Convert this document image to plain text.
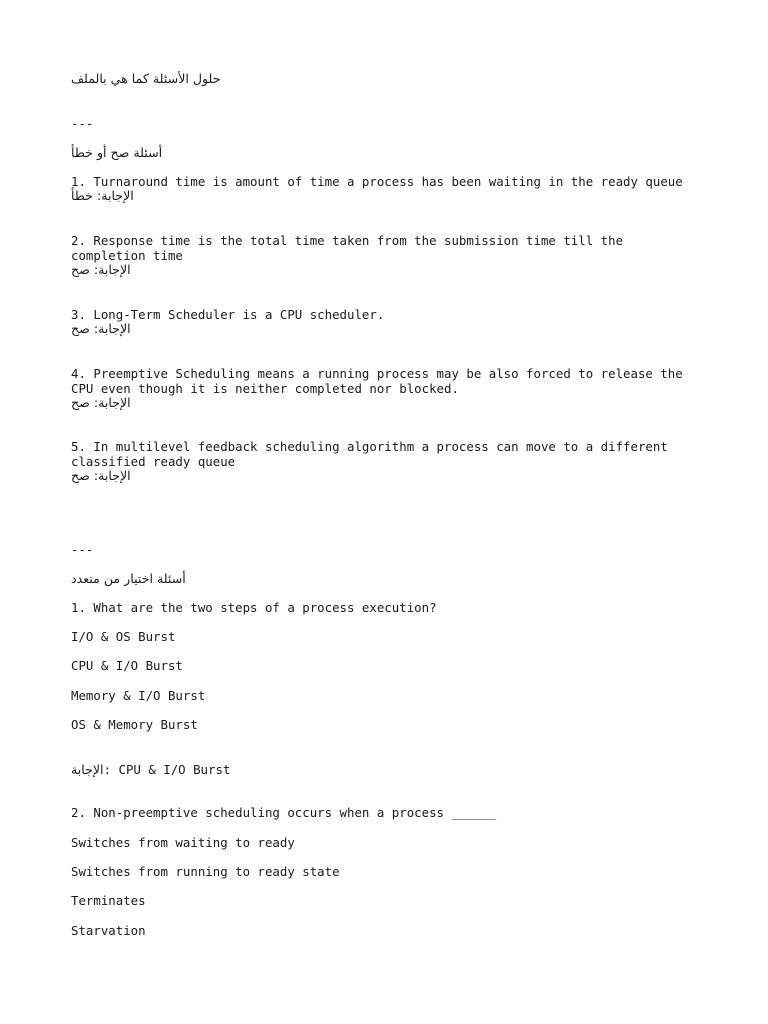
حلول الأسئلة كما هي بالملف
---
أسئلة صح أو خطأ
1. Turnaround time is amount of time a process has been waiting in the ready queue
الإجابة: خطأ
2. Response time is the total time taken from the submission time till the completion time
الإجابة: صح
3. Long-Term Scheduler is a CPU scheduler.
الإجابة: صح
4. Preemptive Scheduling means a running process may be also forced to release the CPU even though it is neither completed nor blocked.
الإجابة: صح
5. In multilevel feedback scheduling algorithm a process can move to a different classified ready queue
الإجابة: صح
---
أسئلة اختيار من متعدد
1. What are the two steps of a process execution?
I/O & OS Burst
CPU & I/O Burst
Memory & I/O Burst
OS & Memory Burst
الإجابة: CPU & I/O Burst
2. Non-preemptive scheduling occurs when a process ______
Switches from waiting to ready
Switches from running to ready state
Terminates
Starvation
